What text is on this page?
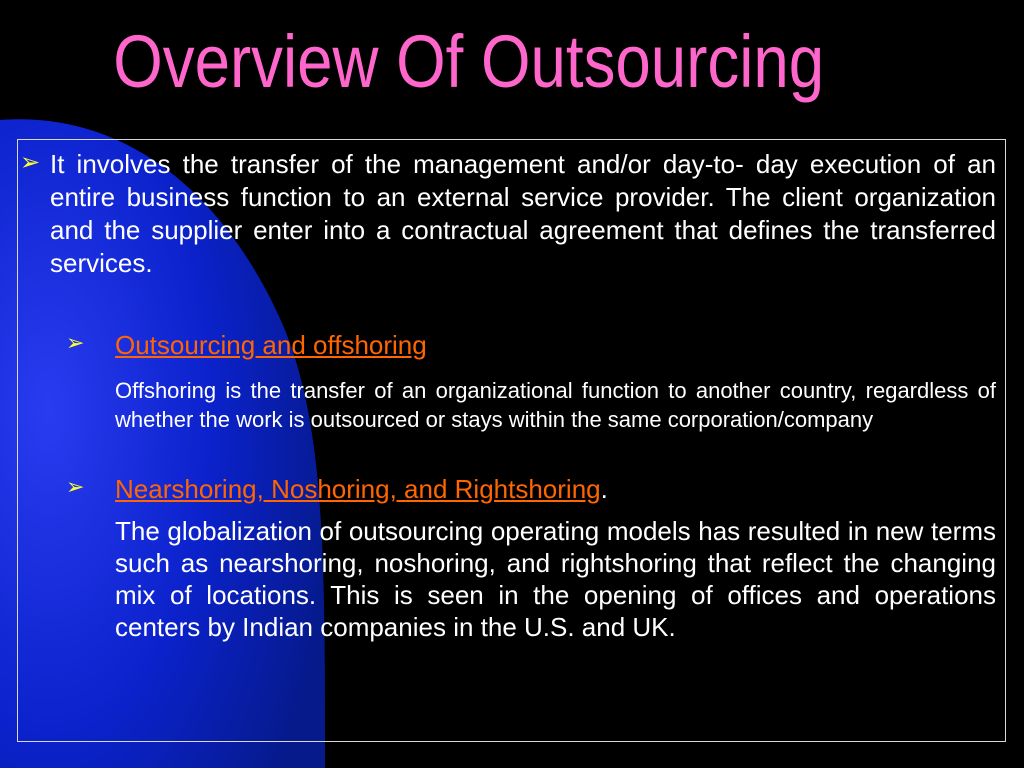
Overview Of Outsourcing
➢ It involves the transfer of the management and/or day-to- day execution of an entire business function to an external service provider. The client organization and the supplier enter into a contractual agreement that defines the transferred services.
➢ Outsourcing and offshoring
Offshoring is the transfer of an organizational function to another country, regardless of whether the work is outsourced or stays within the same corporation/company
➢ Nearshoring, Noshoring, and Rightshoring.
The globalization of outsourcing operating models has resulted in new terms such as nearshoring, noshoring, and rightshoring that reflect the changing mix of locations. This is seen in the opening of offices and operations centers by Indian companies in the U.S. and UK.
